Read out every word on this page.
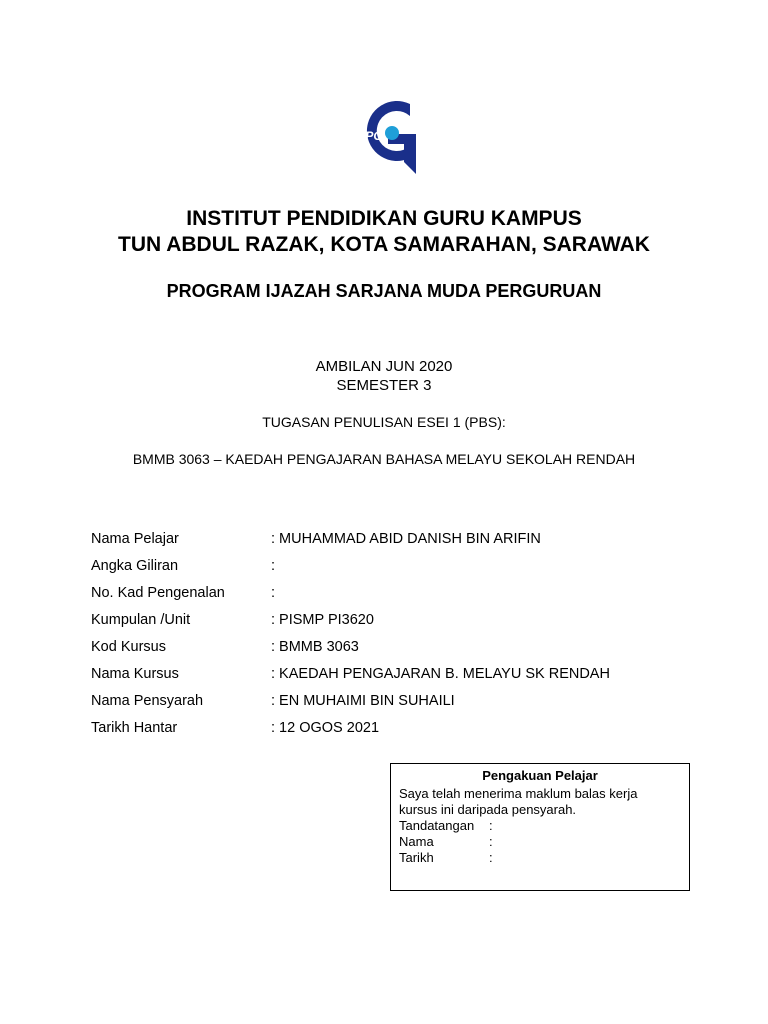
IPG

INSTITUT PENDIDIKAN GURU KAMPUS

TUN ABDUL RAZAK, KOTA SAMARAHAN, SARAWAK

PROGRAM IJAZAH SARJANA MUDA PERGURUAN

AMBILAN JUN 2020

SEMESTER 3

TUGASAN PENULISAN ESEI 1 (PBS):

BMMB 3063 – KAEDAH PENGAJARAN BAHASA MELAYU SEKOLAH RENDAH

Nama Pelajar	: MUHAMMAD ABID DANISH BIN ARIFIN
Angka Giliran	:
No. Kad Pengenalan	:
Kumpulan /Unit	: PISMP PI3620
Kod Kursus	: BMMB 3063
Nama Kursus	: KAEDAH PENGAJARAN B. MELAYU SK RENDAH
Nama Pensyarah	: EN MUHAIMI BIN SUHAILI
Tarikh Hantar	: 12 OGOS 2021
Pengakuan Pelajar
Saya telah menerima maklum balas kerja
kursus ini daripada pensyarah.
Tandatangan	:
Nama	:
Tarikh	:
